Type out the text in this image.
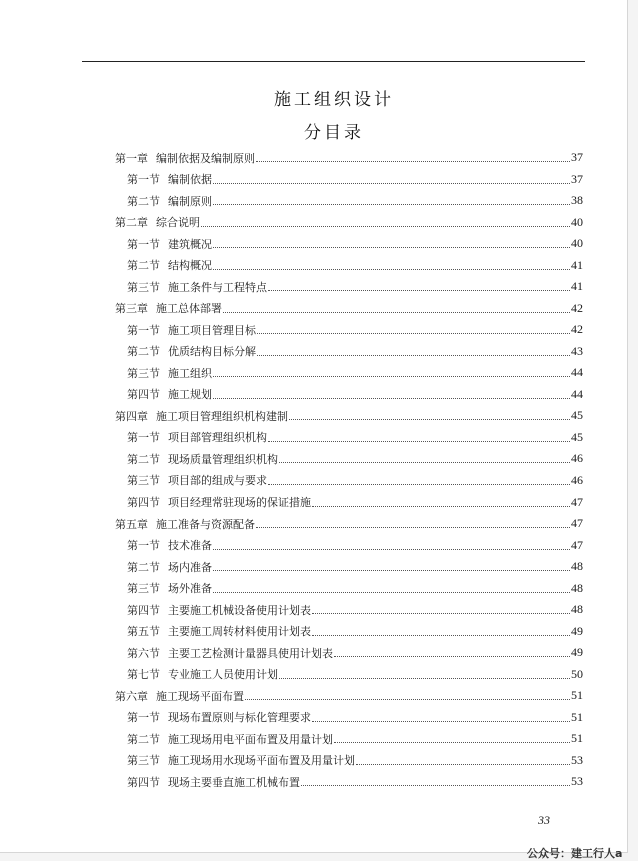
施工组织设计
分目录
第一章 编制依据及编制原则	37
第一节 编制依据	37
第二节 编制原则	38
第二章 综合说明	40
第一节 建筑概况	40
第二节 结构概况	41
第三节 施工条件与工程特点	41
第三章 施工总体部署	42
第一节 施工项目管理目标	42
第二节 优质结构目标分解	43
第三节 施工组织	44
第四节 施工规划	44
第四章 施工项目管理组织机构建制	45
第一节 项目部管理组织机构	45
第二节 现场质量管理组织机构	46
第三节 项目部的组成与要求	46
第四节 项目经理常驻现场的保证措施	47
第五章 施工准备与资源配备	47
第一节 技术准备	47
第二节 场内准备	48
第三节 场外准备	48
第四节 主要施工机械设备使用计划表	48
第五节 主要施工周转材料使用计划表	49
第六节 主要工艺检测计量器具使用计划表	49
第七节 专业施工人员使用计划	50
第六章 施工现场平面布置	51
第一节 现场布置原则与标化管理要求	51
第二节 施工现场用电平面布置及用量计划	51
第三节 施工现场用水现场平面布置及用量计划	53
第四节 现场主要垂直施工机械布置	53
33
公众号：建工行人a
